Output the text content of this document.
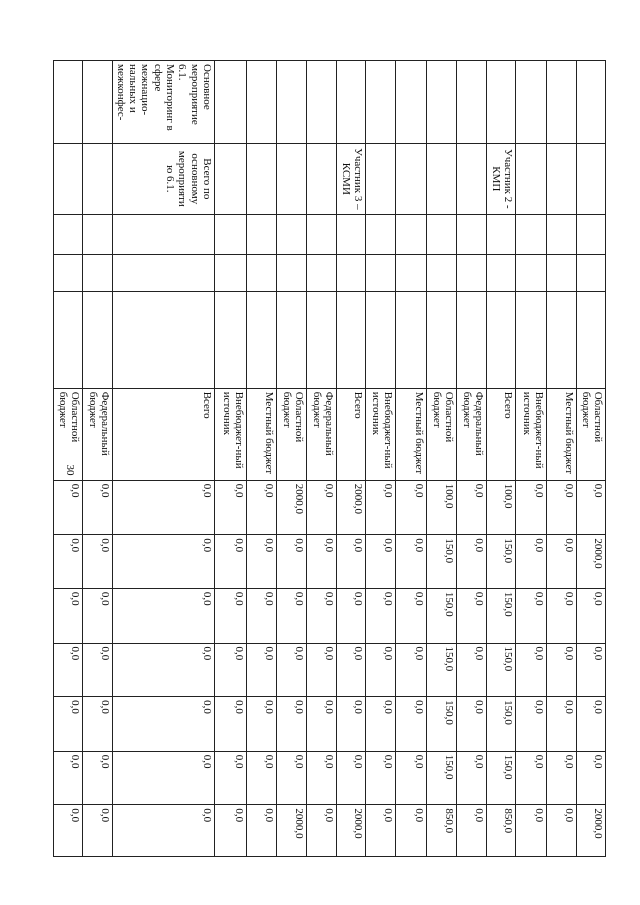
30
					Областной бюджет	0,0	2000,0	0,0	0,0	0,0	0,0	2000,0
					Местный бюджет	0,0	0,0	0,0	0,0	0,0	0,0	0,0
					Внебюджет-ный источник	0,0	0,0	0,0	0,0	0,0	0,0	0,0
	Участник 2 - КМП				Всего	100,0	150,0	150,0	150,0	150,0	150,0	850,0
					Федеральный бюджет	0,0	0,0	0,0	0,0	0,0	0,0	0,0
					Областной бюджет	100,0	150,0	150,0	150,0	150,0	150,0	850,0
					Местный бюджет	0,0	0,0	0,0	0,0	0,0	0,0	0,0
					Внебюджет-ный источник	0,0	0,0	0,0	0,0	0,0	0,0	0,0
	Участник 3 – КСМИ				Всего	2000,0	0,0	0,0	0,0	0,0	0,0	2000,0
					Федеральный бюджет	0,0	0,0	0,0	0,0	0,0	0,0	0,0
					Областной бюджет	2000,0	0,0	0,0	0,0	0,0	0,0	2000,0
					Местный бюджет	0,0	0,0	0,0	0,0	0,0	0,0	0,0
					Внебюджет-ный источник	0,0	0,0	0,0	0,0	0,0	0,0	0,0
Основное мероприятие 6.1. Мониторинг в сфере межнацио-нальных и межконфес-	Всего по основному мероприятию 6.1.				Всего	0,0	0,0	0,0	0,0	0,0	0,0	0,0
					Федеральный бюджет	0,0	0,0	0,0	0,0	0,0	0,0	0,0
					Областной бюджет	0,0	0,0	0,0	0,0	0,0	0,0	0,0
